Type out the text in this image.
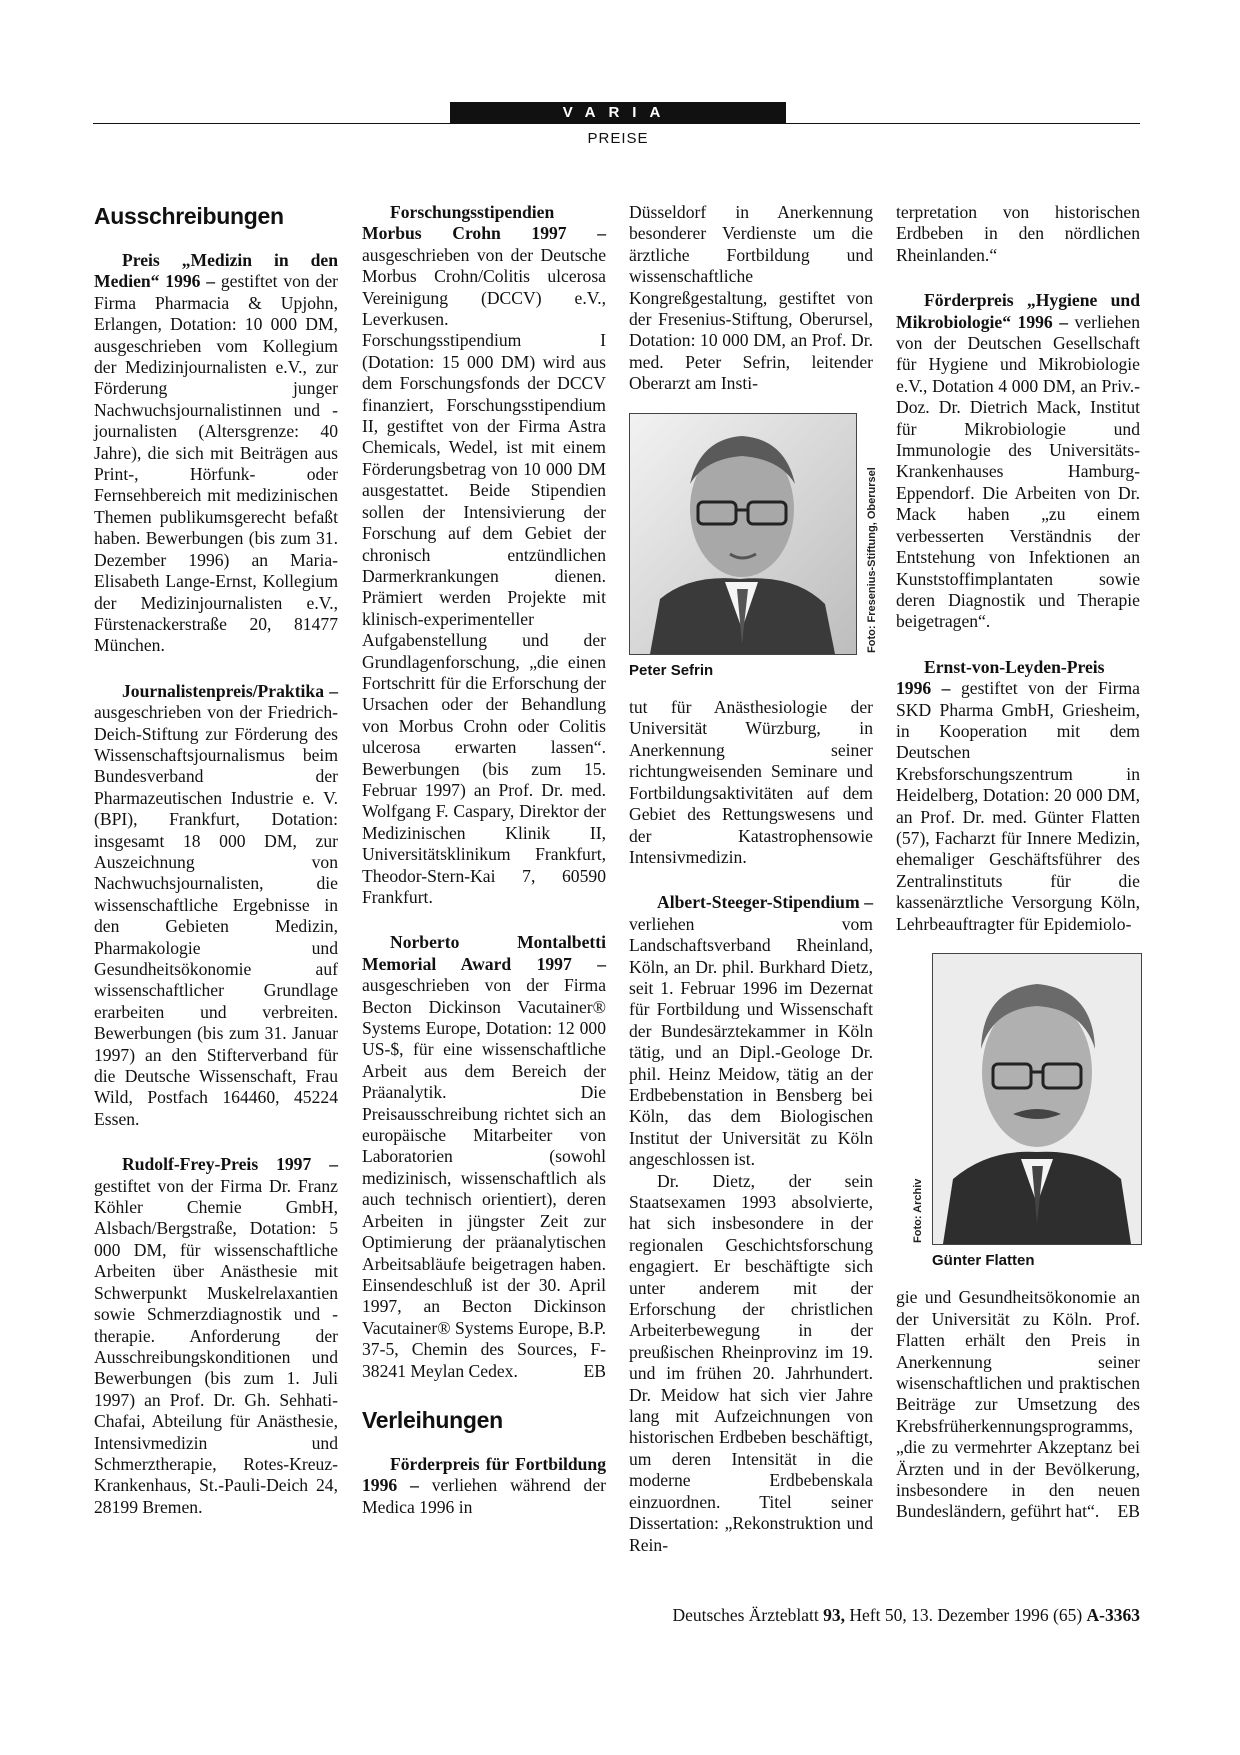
VARIA
PREISE
Ausschreibungen

Preis „Medizin in den Medien“ 1996 – gestiftet von der Firma Pharmacia & Upjohn, Erlangen, Dotation: 10 000 DM, ausgeschrieben vom Kollegium der Medizinjournalisten e.V., zur Förderung junger Nachwuchsjournalistinnen und -journalisten (Altersgrenze: 40 Jahre), die sich mit Beiträgen aus Print-, Hörfunk- oder Fernsehbereich mit medizinischen Themen publikumsgerecht befaßt haben. Bewerbungen (bis zum 31. Dezember 1996) an Maria-Elisabeth Lange-Ernst, Kollegium der Medizinjournalisten e.V., Fürstenackerstraße 20, 81477 München.

Journalistenpreis/Praktika – ausgeschrieben von der Friedrich-Deich-Stiftung zur Förderung des Wissenschaftsjournalismus beim Bundesverband der Pharmazeutischen Industrie e. V. (BPI), Frankfurt, Dotation: insgesamt 18 000 DM, zur Auszeichnung von Nachwuchsjournalisten, die wissenschaftliche Ergebnisse in den Gebieten Medizin, Pharmakologie und Gesundheitsökonomie auf wissenschaftlicher Grundlage erarbeiten und verbreiten. Bewerbungen (bis zum 31. Januar 1997) an den Stifterverband für die Deutsche Wissenschaft, Frau Wild, Postfach 164460, 45224 Essen.

Rudolf-Frey-Preis 1997 – gestiftet von der Firma Dr. Franz Köhler Chemie GmbH, Alsbach/Bergstraße, Dotation: 5 000 DM, für wissenschaftliche Arbeiten über Anästhesie mit Schwerpunkt Muskelrelaxantien sowie Schmerzdiagnostik und -therapie. Anforderung der Ausschreibungskonditionen und Bewerbungen (bis zum 1. Juli 1997) an Prof. Dr. Gh. Sehhati-Chafai, Abteilung für Anästhesie, Intensivmedizin und Schmerztherapie, Rotes-Kreuz-Krankenhaus, St.-Pauli-Deich 24, 28199 Bremen.

Forschungsstipendien Morbus Crohn 1997 – ausgeschrieben von der Deutsche Morbus Crohn/Colitis ulcerosa Vereinigung (DCCV) e.V., Leverkusen. Forschungsstipendium I (Dotation: 15 000 DM) wird aus dem Forschungsfonds der DCCV finanziert, Forschungsstipendium II, gestiftet von der Firma Astra Chemicals, Wedel, ist mit einem Förderungsbetrag von 10 000 DM ausgestattet. Beide Stipendien sollen der Intensivierung der Forschung auf dem Gebiet der chronisch entzündlichen Darmerkrankungen dienen. Prämiert werden Projekte mit klinisch-experimenteller Aufgabenstellung und der Grundlagenforschung, „die einen Fortschritt für die Erforschung der Ursachen oder der Behandlung von Morbus Crohn oder Colitis ulcerosa erwarten lassen“. Bewerbungen (bis zum 15. Februar 1997) an Prof. Dr. med. Wolfgang F. Caspary, Direktor der Medizinischen Klinik II, Universitätsklinikum Frankfurt, Theodor-Stern-Kai 7, 60590 Frankfurt.

Norberto Montalbetti Memorial Award 1997 – ausgeschrieben von der Firma Becton Dickinson Vacutainer® Systems Europe, Dotation: 12 000 US-$, für eine wissenschaftliche Arbeit aus dem Bereich der Präanalytik. Die Preisausschreibung richtet sich an europäische Mitarbeiter von Laboratorien (sowohl medizinisch, wissenschaftlich als auch technisch orientiert), deren Arbeiten in jüngster Zeit zur Optimierung der präanalytischen Arbeitsabläufe beigetragen haben. Einsendeschluß ist der 30. April 1997, an Becton Dickinson Vacutainer® Systems Europe, B.P. 37-5, Chemin des Sources, F-38241 Meylan Cedex.	EB

Verleihungen

Förderpreis für Fortbildung 1996 – verliehen während der Medica 1996 in

Düsseldorf in Anerkennung besonderer Verdienste um die ärztliche Fortbildung und wissenschaftliche Kongreßgestaltung, gestiftet von der Fresenius-Stiftung, Oberursel, Dotation: 10 000 DM, an Prof. Dr. med. Peter Sefrin, leitender Oberarzt am Insti-

Foto: Fresenius-Stiftung, Oberursel
Peter Sefrin

tut für Anästhesiologie der Universität Würzburg, in Anerkennung seiner richtungweisenden Seminare und Fortbildungsaktivitäten auf dem Gebiet des Rettungswesens und der Katastrophensowie Intensivmedizin.

Albert-Steeger-Stipendium – verliehen vom Landschaftsverband Rheinland, Köln, an Dr. phil. Burkhard Dietz, seit 1. Februar 1996 im Dezernat für Fortbildung und Wissenschaft der Bundesärztekammer in Köln tätig, und an Dipl.-Geologe Dr. phil. Heinz Meidow, tätig an der Erdbebenstation in Bensberg bei Köln, das dem Biologischen Institut der Universität zu Köln angeschlossen ist.

Dr. Dietz, der sein Staatsexamen 1993 absolvierte, hat sich insbesondere in der regionalen Geschichtsforschung engagiert. Er beschäftigte sich unter anderem mit der Erforschung der christlichen Arbeiterbewegung in der preußischen Rheinprovinz im 19. und im frühen 20. Jahrhundert. Dr. Meidow hat sich vier Jahre lang mit Aufzeichnungen von historischen Erdbeben beschäftigt, um deren Intensität in die moderne Erdbebenskala einzuordnen. Titel seiner Dissertation: „Rekonstruktion und Rein-

terpretation von historischen Erdbeben in den nördlichen Rheinlanden.“

Förderpreis „Hygiene und Mikrobiologie“ 1996 – verliehen von der Deutschen Gesellschaft für Hygiene und Mikrobiologie e.V., Dotation 4 000 DM, an Priv.-Doz. Dr. Dietrich Mack, Institut für Mikrobiologie und Immunologie des Universitäts-Krankenhauses Hamburg-Eppendorf. Die Arbeiten von Dr. Mack haben „zu einem verbesserten Verständnis der Entstehung von Infektionen an Kunststoffimplantaten sowie deren Diagnostik und Therapie beigetragen“.

Ernst-von-Leyden-Preis 1996 – gestiftet von der Firma SKD Pharma GmbH, Griesheim, in Kooperation mit dem Deutschen Krebsforschungszentrum in Heidelberg, Dotation: 20 000 DM, an Prof. Dr. med. Günter Flatten (57), Facharzt für Innere Medizin, ehemaliger Geschäftsführer des Zentralinstituts für die kassenärztliche Versorgung Köln, Lehrbeauftragter für Epidemiolo-

Foto: Archiv
Günter Flatten

gie und Gesundheitsökonomie an der Universität zu Köln. Prof. Flatten erhält den Preis in Anerkennung seiner wisenschaftlichen und praktischen Beiträge zur Umsetzung des Krebsfrüherkennungsprogramms, „die zu vermehrter Akzeptanz bei Ärzten und in der Bevölkerung, insbesondere in den neuen Bundesländern, geführt hat“. EB

Deutsches Ärzteblatt 93, Heft 50, 13. Dezember 1996 (65) A-3363
